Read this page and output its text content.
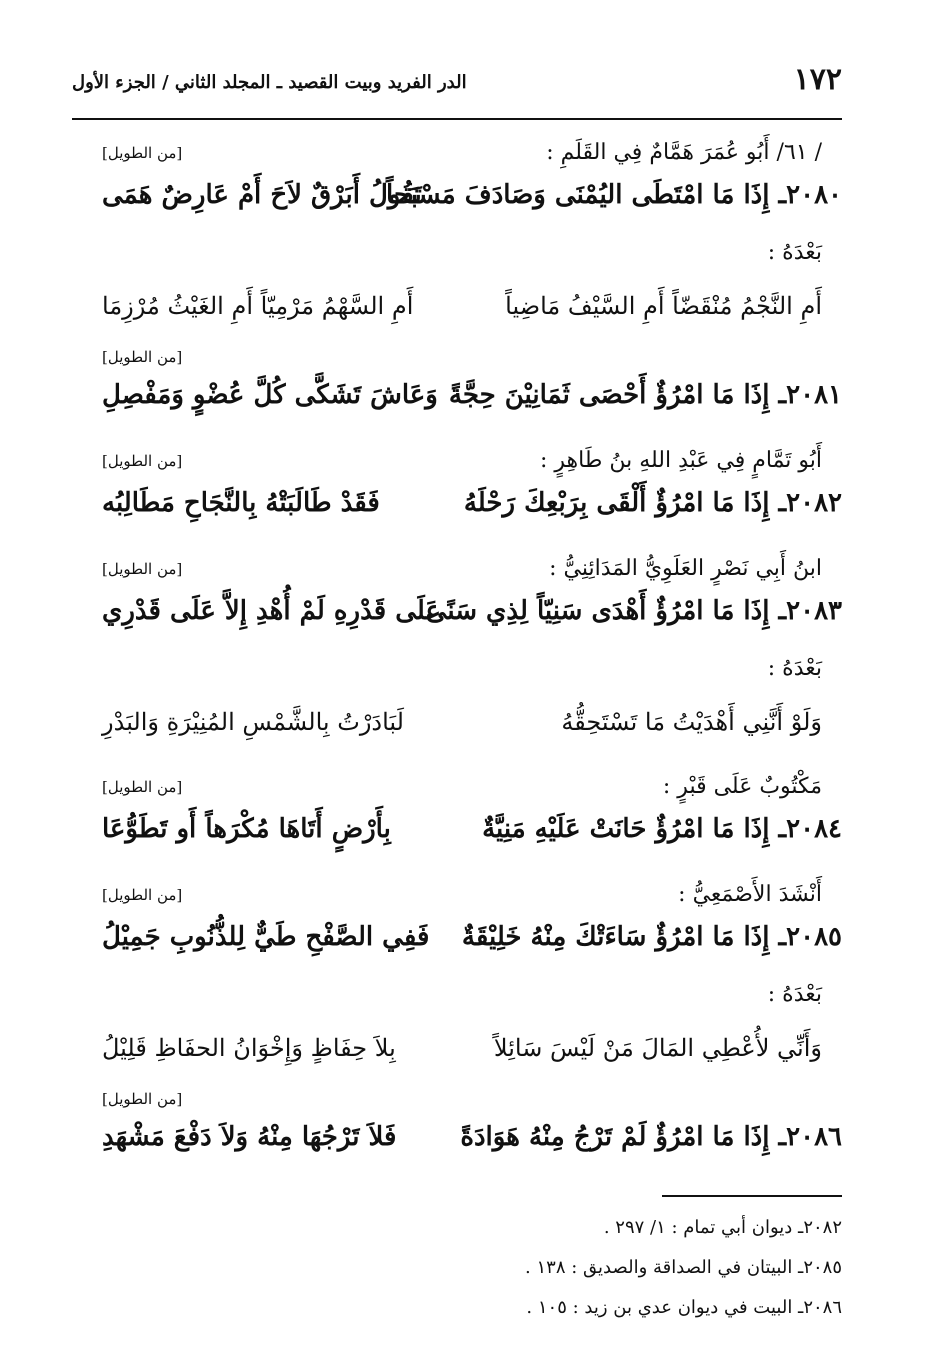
١٧٢
الدر الفريد وبيت القصيد ـ المجلد الثاني / الجزء الأول
/ ٦١/ أَبُو عُمَرَ هَمَّامٌ فِي القَلَمِ :
[من الطويل]
٢٠٨٠ـ إِذَا مَا امْتَطَى اليُمْنَى وَصَادَفَ مَسْبَحاً
تَقُولُ أَبَرْقٌ لاَحَ أَمْ عَارِضٌ هَمَى
بَعْدَهُ :
أَمِ النَّجْمُ مُنْقَضّاً أَمِ السَّيْفُ مَاضِياً
أَمِ السَّهْمُ مَرْمِيّاً أَمِ الغَيْثُ مُرْزِمَا
[من الطويل]
٢٠٨١ـ إِذَا مَا امْرُؤٌ أَحْصَى ثَمَانِيْنَ حِجَّةً
وَعَاشَ تَشَكَّى كُلَّ عُضْوٍ وَمَفْصِلِ
أَبُو تَمَّامٍ فِي عَبْدِ اللهِ بنُ طَاهِرٍ :
[من الطويل]
٢٠٨٢ـ إِذَا مَا امْرُؤٌ أَلْقَى بِرَبْعِكَ رَحْلَهُ
فَقَدْ طَالَبَتْهُ بِالنَّجَاحِ مَطَالِبُه
ابنُ أَبِي نَصْرٍ العَلَوِيُّ المَدَائِنِيُّ :
[من الطويل]
٢٠٨٣ـ إِذَا مَا امْرُؤٌ أَهْدَى سَنِيّاً لِذِي سَنًى
عَلَى قَدْرِهِ لَمْ أُهْدِ إِلاَّ عَلَى قَدْرِي
بَعْدَهُ :
وَلَوْ أَنَّنِي أَهْدَيْتُ مَا تَسْتَحِقُّهُ
لَبَادَرْتُ بِالشَّمْسِ المُنِيْرَةِ وَالبَدْرِ
مَكْتُوبٌ عَلَى قَبْرٍ :
[من الطويل]
٢٠٨٤ـ إِذَا مَا امْرُؤٌ حَانَتْ عَلَيْهِ مَنِيَّةٌ
بِأَرْضٍ أَتَاهَا مُكْرَهاً أَو تَطَوُّعَا
أَنْشَدَ الأَصْمَعِيُّ :
[من الطويل]
٢٠٨٥ـ إِذَا مَا امْرُؤٌ سَاءَتْكَ مِنْهُ خَلِيْقَةٌ
فَفِي الصَّفْحِ طَيٌّ لِلذُّنُوبِ جَمِيْلُ
بَعْدَهُ :
وَأَنِّي لأُعْطِي المَالَ مَنْ لَيْسَ سَائِلاً
بِلاَ حِفَاظٍ وَإِخْوَانُ الحفَاظِ قَلِيْلُ
[من الطويل]
٢٠٨٦ـ إِذَا مَا امْرُؤٌ لَمْ تَرْجُ مِنْهُ هَوَادَةً
فَلاَ تَرْجُهَا مِنْهُ وَلاَ دَفْعَ مَشْهَدِ
٢٠٨٢ـ ديوان أبي تمام : ١/ ٢٩٧ .
٢٠٨٥ـ البيتان في الصداقة والصديق : ١٣٨ .
٢٠٨٦ـ البيت في ديوان عدي بن زيد : ١٠٥ .
